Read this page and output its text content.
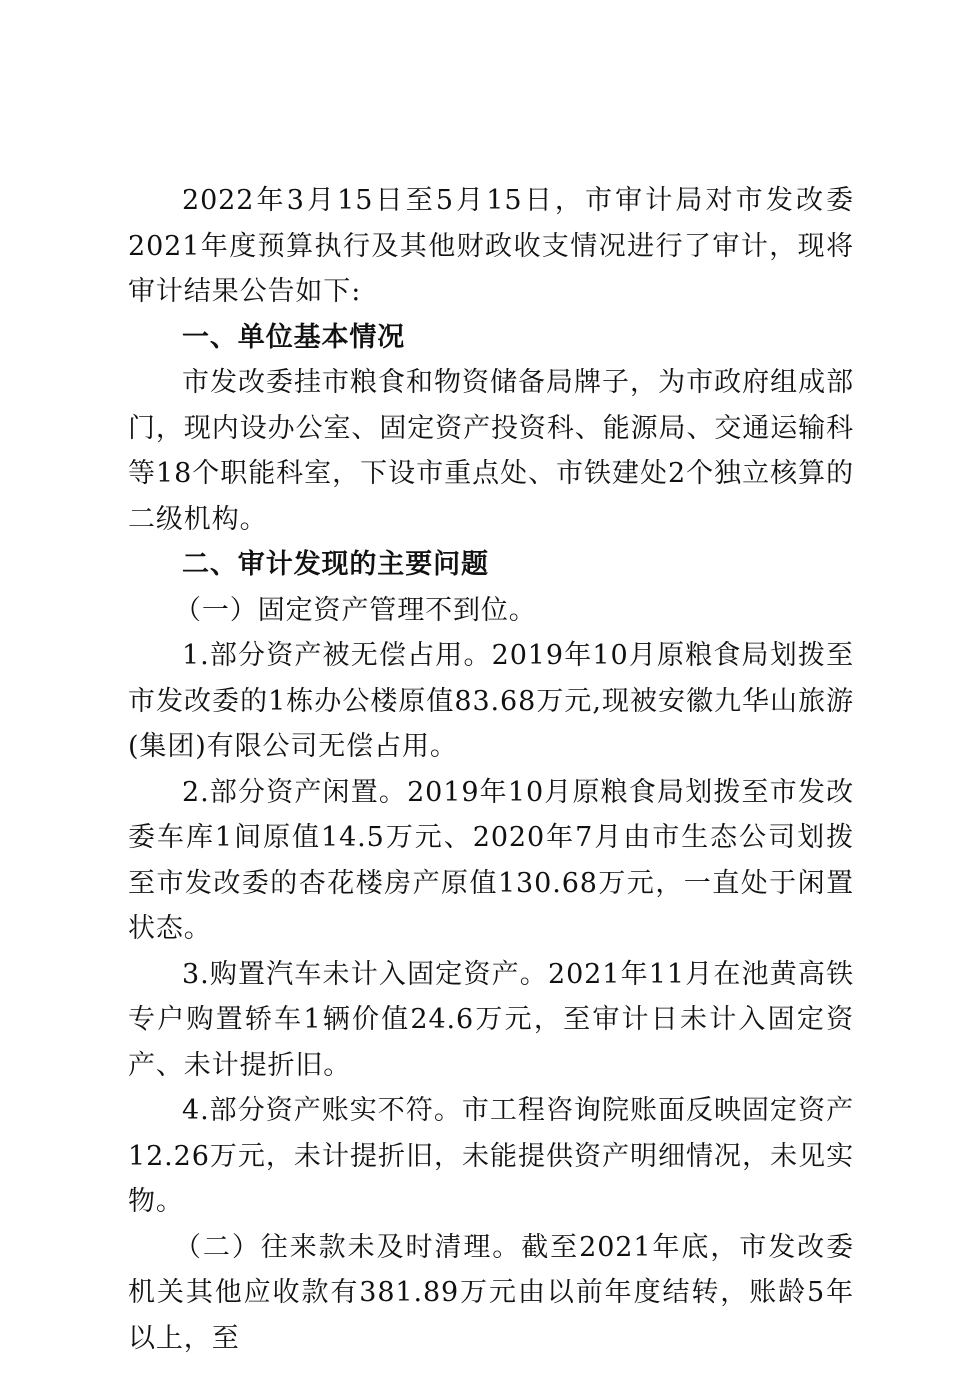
2022年3月15日至5月15日，市审计局对市发改委2021年度预算执行及其他财政收支情况进行了审计，现将审计结果公告如下:

一、单位基本情况

市发改委挂市粮食和物资储备局牌子，为市政府组成部门，现内设办公室、固定资产投资科、能源局、交通运输科等18个职能科室，下设市重点处、市铁建处2个独立核算的二级机构。

二、审计发现的主要问题

（一）固定资产管理不到位。

1.部分资产被无偿占用。2019年10月原粮食局划拨至市发改委的1栋办公楼原值83.68万元,现被安徽九华山旅游(集团)有限公司无偿占用。

2.部分资产闲置。2019年10月原粮食局划拨至市发改委车库1间原值14.5万元、2020年7月由市生态公司划拨至市发改委的杏花楼房产原值130.68万元，一直处于闲置状态。

3.购置汽车未计入固定资产。2021年11月在池黄高铁专户购置轿车1辆价值24.6万元，至审计日未计入固定资产、未计提折旧。

4.部分资产账实不符。市工程咨询院账面反映固定资产12.26万元，未计提折旧，未能提供资产明细情况，未见实物。

（二）往来款未及时清理。截至2021年底，市发改委机关其他应收款有381.89万元由以前年度结转，账龄5年以上，至
